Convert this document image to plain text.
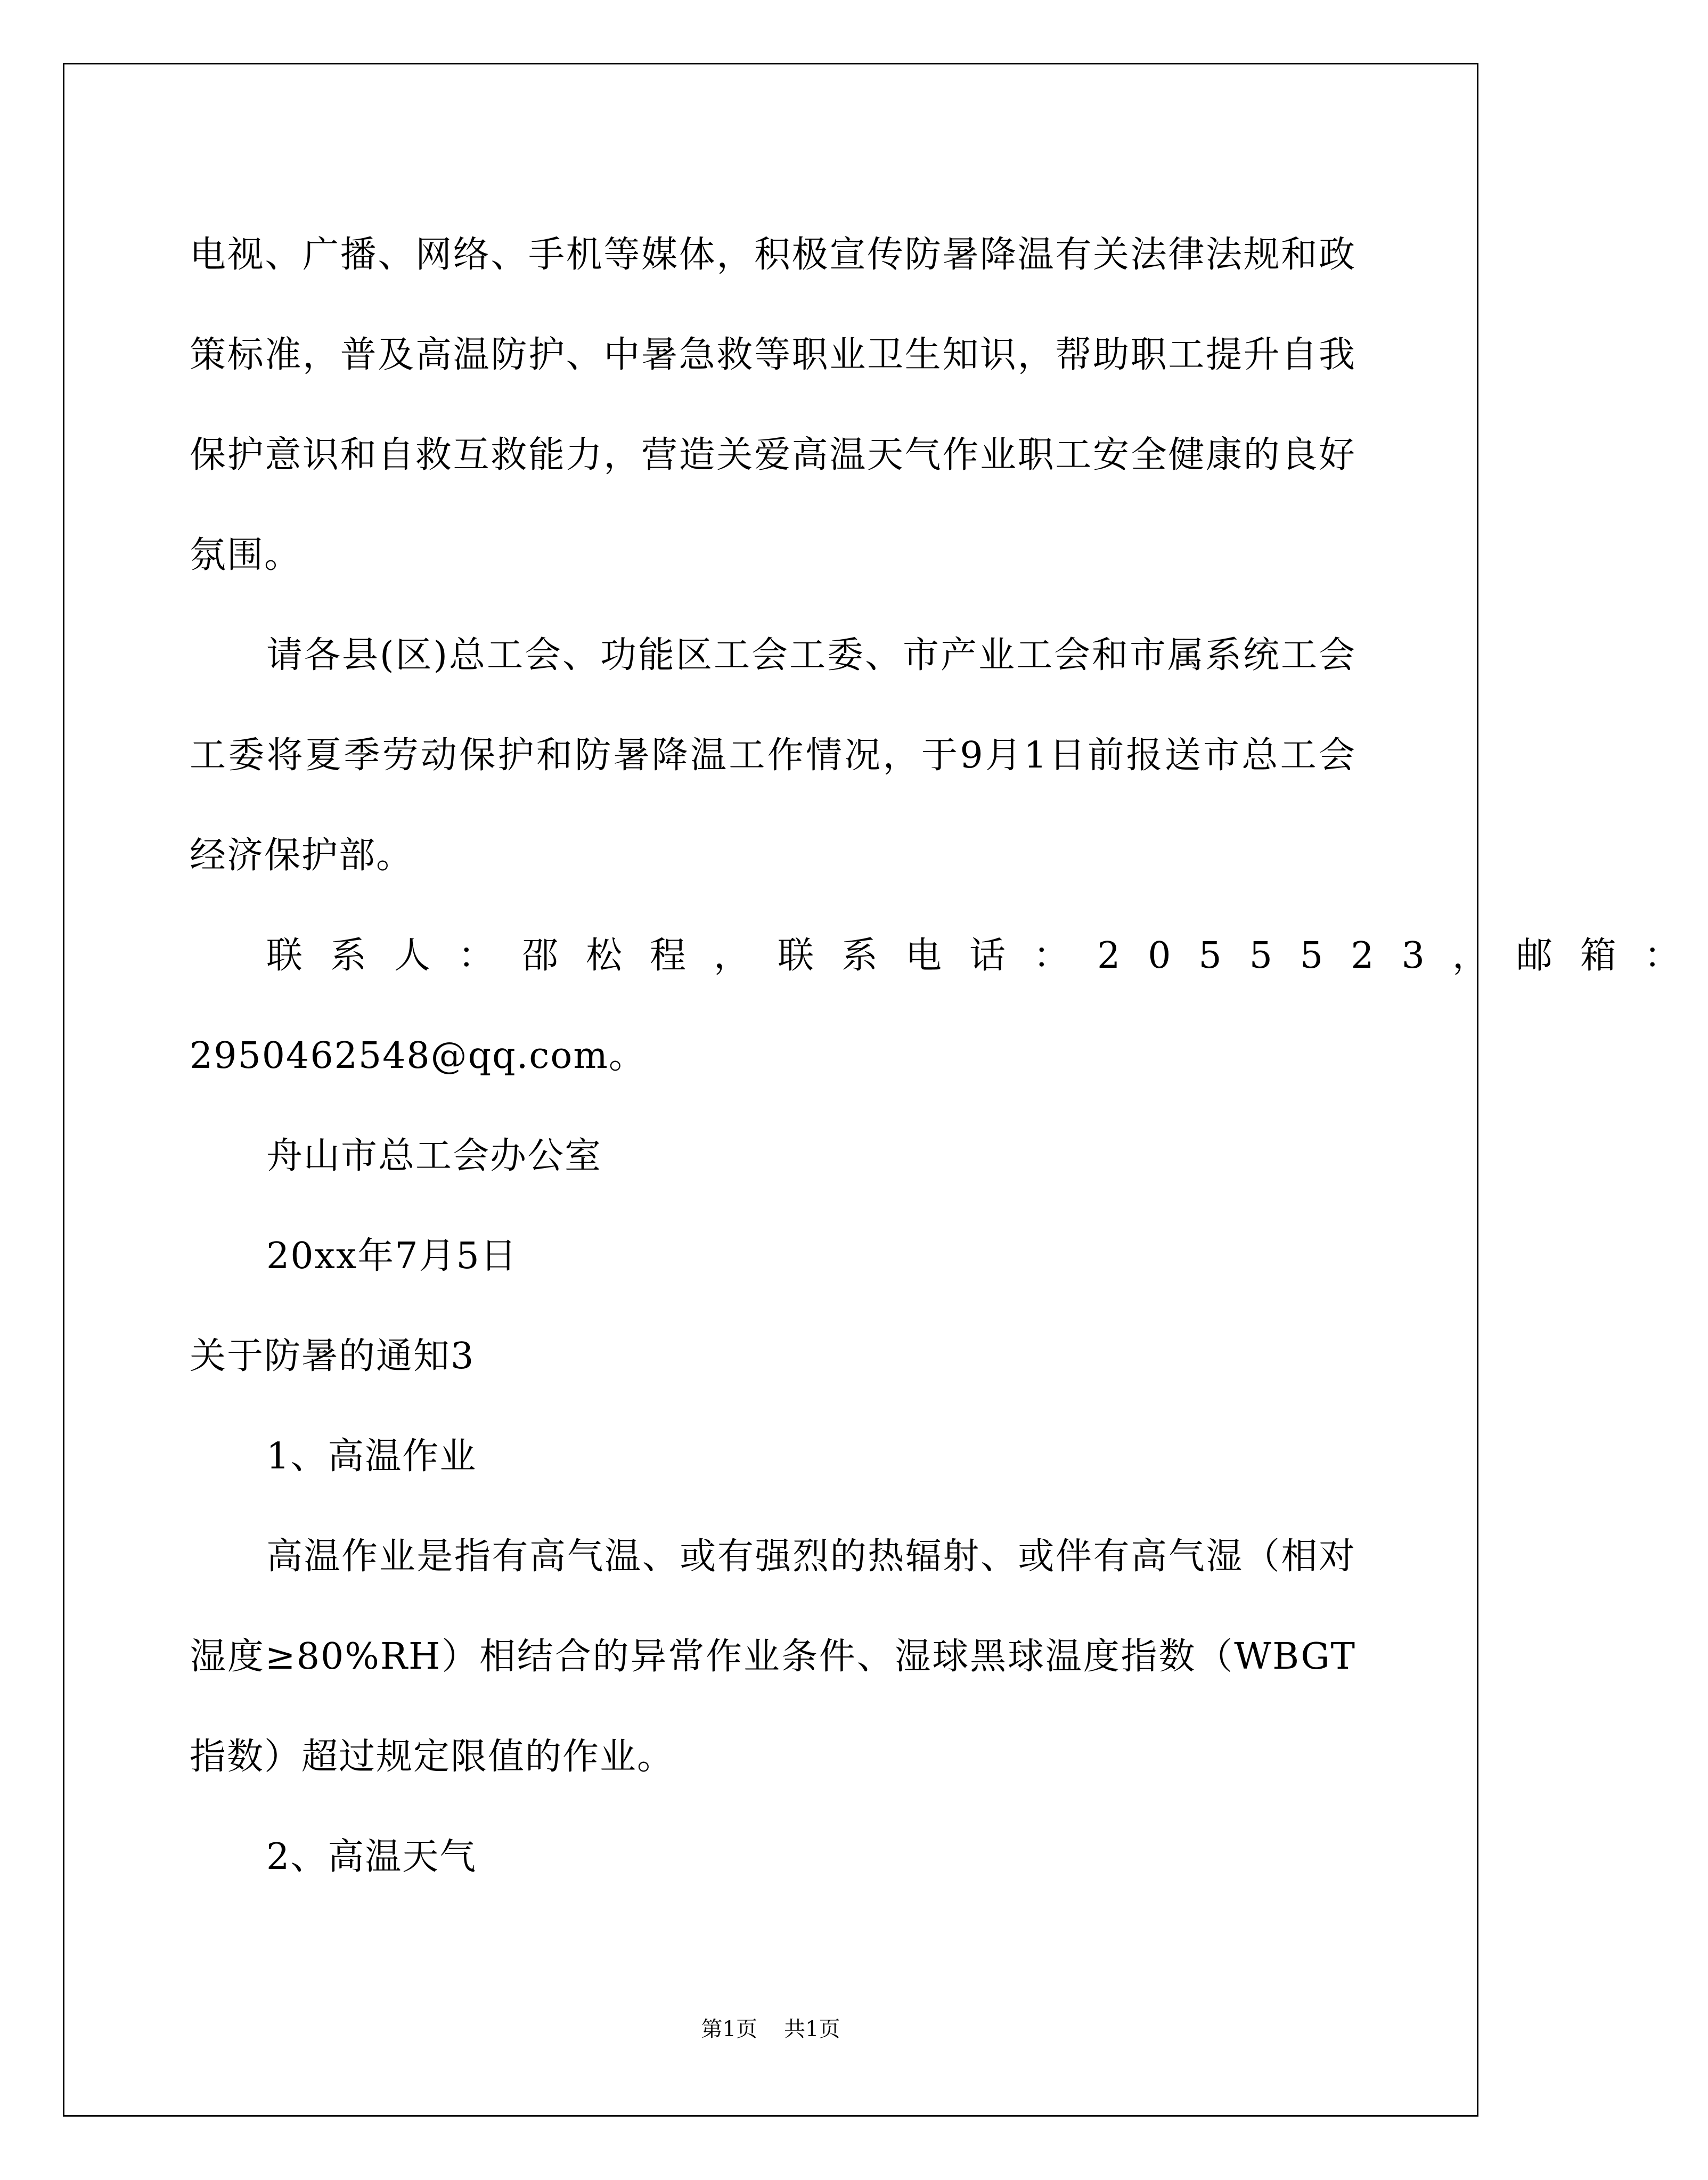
电视、广播、网络、手机等媒体，积极宣传防暑降温有关法律法规和政策标准，普及高温防护、中暑急救等职业卫生知识，帮助职工提升自我保护意识和自救互救能力，营造关爱高温天气作业职工安全健康的良好氛围。

请各县(区)总工会、功能区工会工委、市产业工会和市属系统工会工委将夏季劳动保护和防暑降温工作情况，于9月1日前报送市总工会经济保护部。

联系人：邵松程，联系电话：2055523，邮箱：

2950462548@qq.com。

舟山市总工会办公室

20xx年7月5日

关于防暑的通知3

1、高温作业

高温作业是指有高气温、或有强烈的热辐射、或伴有高气湿（相对湿度≥80%RH）相结合的异常作业条件、湿球黑球温度指数（WBGT指数）超过规定限值的作业。

2、高温天气

第1页 共1页
